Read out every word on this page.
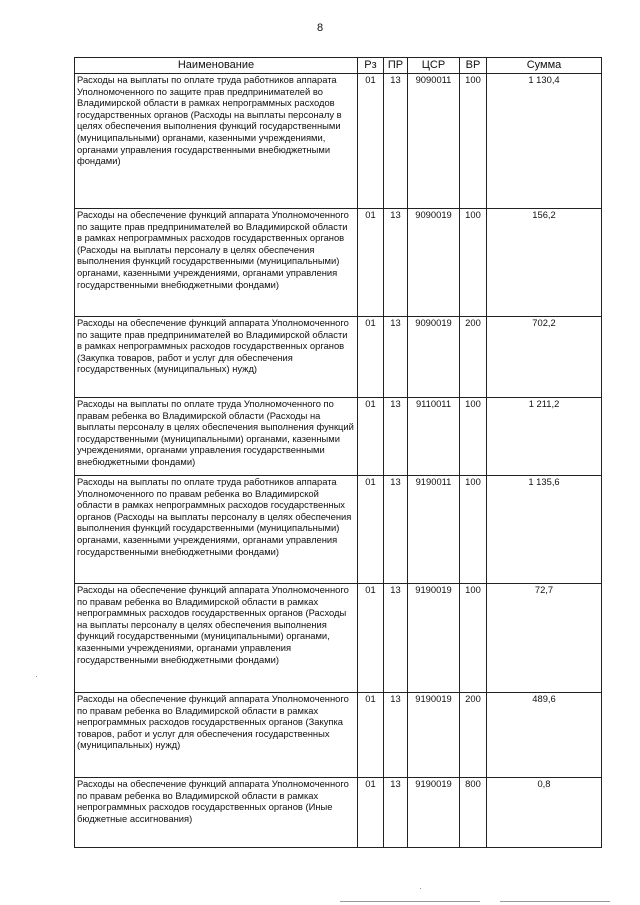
8
Наименование	Рз	ПР	ЦСР	ВР	Сумма
Расходы на выплаты по оплате труда работников аппарата Уполномоченного по защите прав предпринимателей во Владимирской области в рамках непрограммных расходов государственных органов (Расходы на выплаты персоналу в целях обеспечения выполнения функций государственными (муниципальными) органами, казенными учреждениями, органами управления государственными внебюджетными фондами)	01	13	9090011	100	1 130,4
Расходы на обеспечение функций аппарата Уполномоченного по защите прав предпринимателей во Владимирской области в рамках непрограммных расходов государственных органов (Расходы на выплаты персоналу в целях обеспечения выполнения функций государственными (муниципальными) органами, казенными учреждениями, органами управления государственными внебюджетными фондами)	01	13	9090019	100	156,2
Расходы на обеспечение функций аппарата Уполномоченного по защите прав предпринимателей во Владимирской области в рамках непрограммных расходов государственных органов (Закупка товаров, работ и услуг для обеспечения государственных (муниципальных) нужд)	01	13	9090019	200	702,2
Расходы на выплаты по оплате труда Уполномоченного по правам ребенка во Владимирской области (Расходы на выплаты персоналу в целях обеспечения выполнения функций государственными (муниципальными) органами, казенными учреждениями, органами управления государственными внебюджетными фондами)	01	13	9110011	100	1 211,2
Расходы на выплаты по оплате труда работников аппарата Уполномоченного по правам ребенка во Владимирской области в рамках непрограммных расходов государственных органов (Расходы на выплаты персоналу в целях обеспечения выполнения функций государственными (муниципальными) органами, казенными учреждениями, органами управления государственными внебюджетными фондами)	01	13	9190011	100	1 135,6
Расходы на обеспечение функций аппарата Уполномоченного по правам ребенка во Владимирской области в рамках непрограммных расходов государственных органов (Расходы на выплаты персоналу в целях обеспечения выполнения функций государственными (муниципальными) органами, казенными учреждениями, органами управления государственными внебюджетными фондами)	01	13	9190019	100	72,7
Расходы на обеспечение функций аппарата Уполномоченного по правам ребенка во Владимирской области в рамках непрограммных расходов государственных органов (Закупка товаров, работ и услуг для обеспечения государственных (муниципальных) нужд)	01	13	9190019	200	489,6
Расходы на обеспечение функций аппарата Уполномоченного по правам ребенка во Владимирской области в рамках непрограммных расходов государственных органов (Иные бюджетные ассигнования)	01	13	9190019	800	0,8
